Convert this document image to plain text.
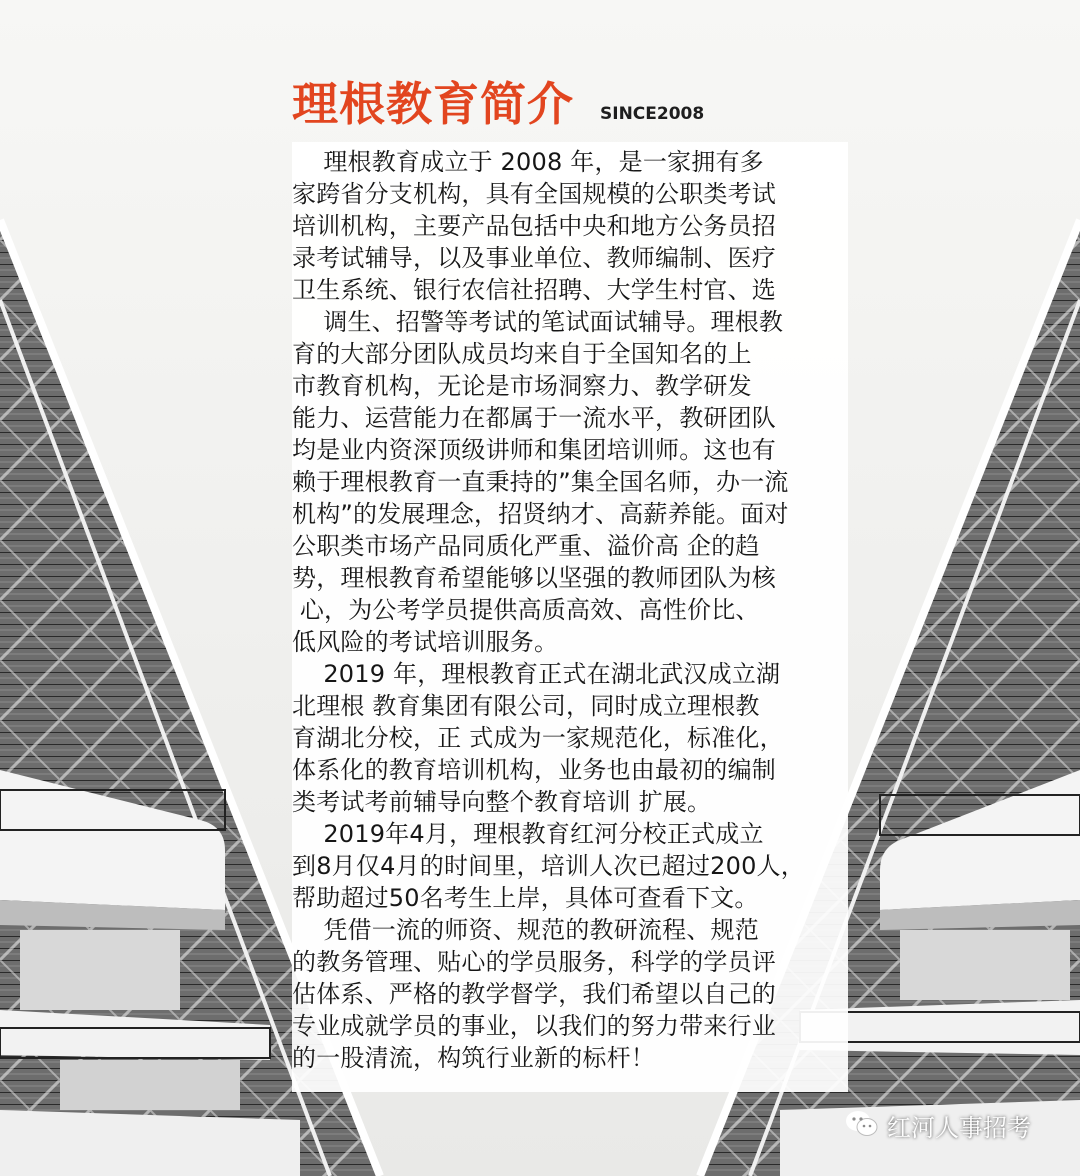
理根教育简介 SINCE2008
理根教育成立于 2008 年，是一家拥有多
家跨省分支机构，具有全国规模的公职类考试
培训机构，主要产品包括中央和地方公务员招
录考试辅导，以及事业单位、教师编制、医疗
卫生系统、银行农信社招聘、大学生村官、选
调生、招警等考试的笔试面试辅导。理根教
育的大部分团队成员均来自于全国知名的上
市教育机构，无论是市场洞察力、教学研发
能力、运营能力在都属于一流水平，教研团队
均是业内资深顶级讲师和集团培训师。这也有
赖于理根教育一直秉持的”集全国名师，办一流
机构”的发展理念，招贤纳才、高薪养能。面对
公职类市场产品同质化严重、溢价高 企的趋
势，理根教育希望能够以坚强的教师团队为核
心，为公考学员提供高质高效、高性价比、
低风险的考试培训服务。
2019 年，理根教育正式在湖北武汉成立湖
北理根 教育集团有限公司，同时成立理根教
育湖北分校，正 式成为一家规范化，标准化，
体系化的教育培训机构，业务也由最初的编制
类考试考前辅导向整个教育培训 扩展。
2019年4月，理根教育红河分校正式成立
到8月仅4月的时间里，培训人次已超过200人，
帮助超过50名考生上岸，具体可查看下文。
凭借一流的师资、规范的教研流程、规范
的教务管理、贴心的学员服务，科学的学员评
估体系、严格的教学督学，我们希望以自己的
专业成就学员的事业，以我们的努力带来行业
的一股清流，构筑行业新的标杆！
红河人事招考
